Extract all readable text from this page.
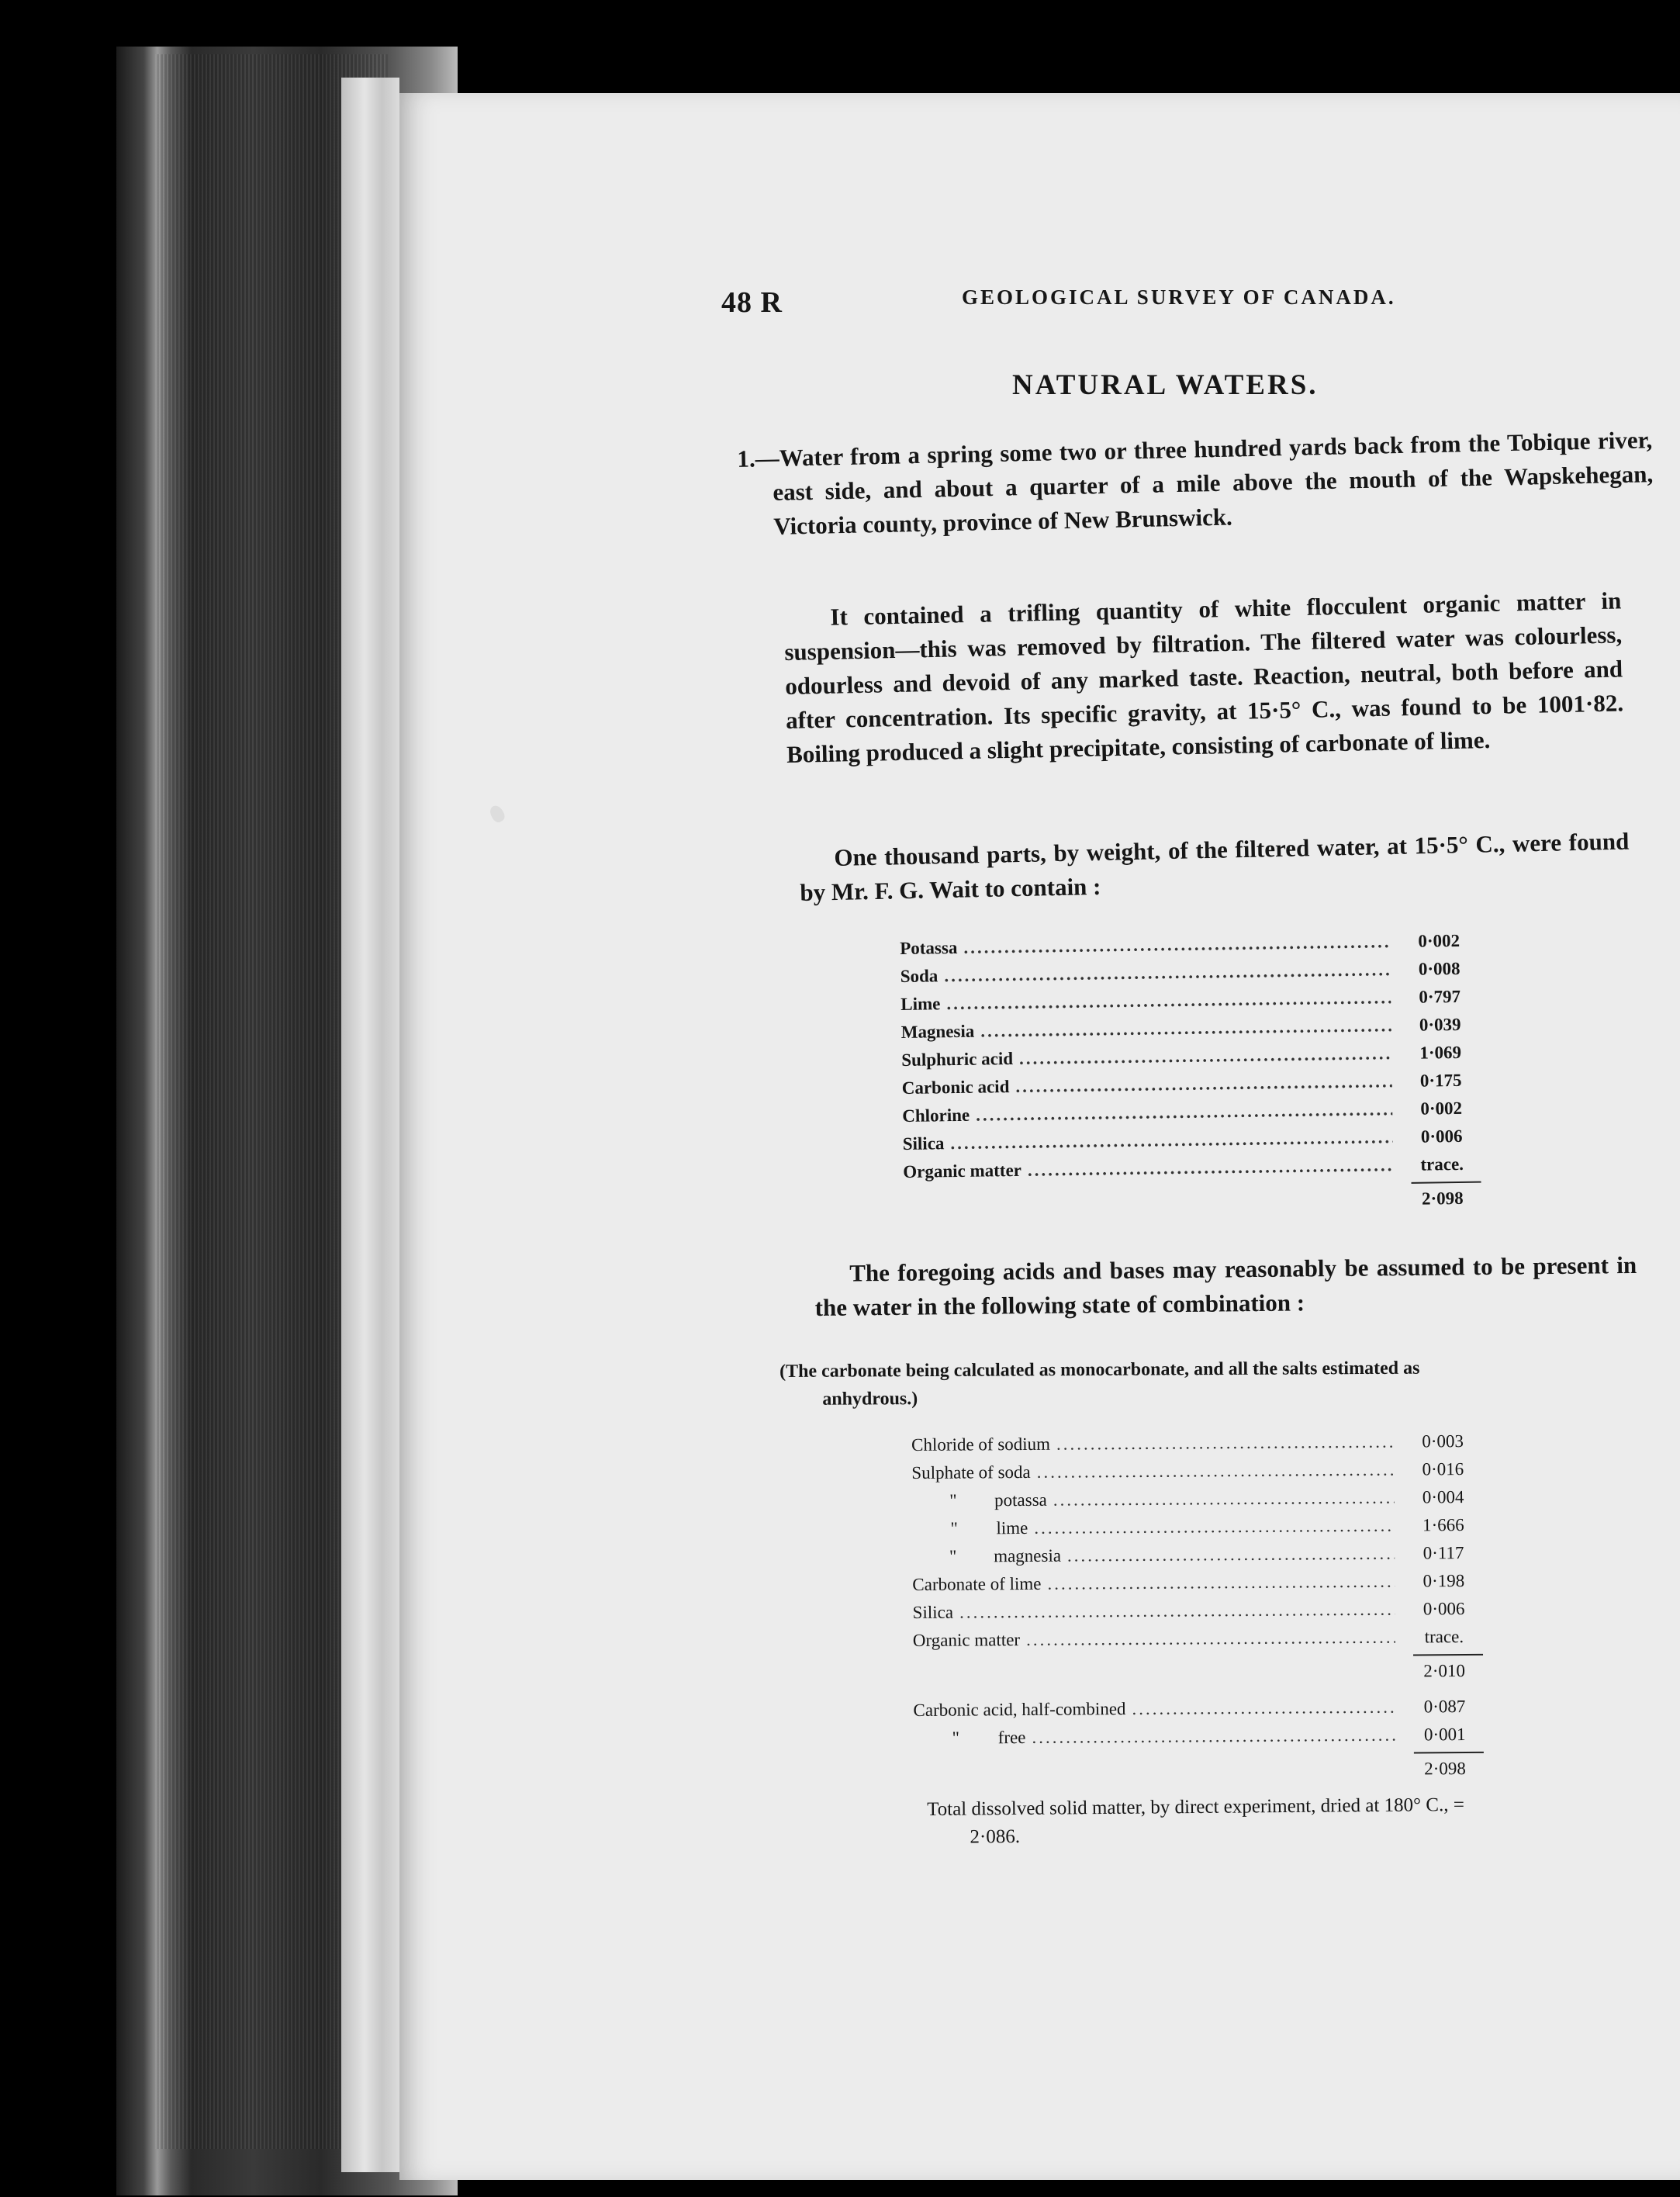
48 R	GEOLOGICAL SURVEY OF CANADA.
NATURAL WATERS.
1.—Water from a spring some two or three hundred yards back from the Tobique river, east side, and about a quarter of a mile above the mouth of the Wapskehegan, Victoria county, province of New Brunswick.
It contained a trifling quantity of white flocculent organic matter in suspension—this was removed by filtration. The filtered water was colourless, odourless and devoid of any marked taste. Reaction, neutral, both before and after concentration. Its specific gravity, at 15·5° C., was found to be 1001·82. Boiling produced a slight precipitate, consisting of carbonate of lime.
One thousand parts, by weight, of the filtered water, at 15·5° C., were found by Mr. F. G. Wait to contain :
Potassa .....	0·002
Soda .....	0·008
Lime .....	0·797
Magnesia .....	0·039
Sulphuric acid .....	1·069
Carbonic acid .....	0·175
Chlorine .....	0·002
Silica .....	0·006
Organic matter .....	trace.
2·098
The foregoing acids and bases may reasonably be assumed to be present in the water in the following state of combination :
(The carbonate being calculated as monocarbonate, and all the salts estimated as
anhydrous.)
Chloride of sodium .....	0·003
Sulphate of soda .....	0·016
"	potassa .....	0·004
"	lime .....	1·666
"	magnesia .....	0·117
Carbonate of lime .....	0·198
Silica .....	0·006
Organic matter .....	trace.
2·010
Carbonic acid, half-combined .....	0·087
"	free .....	0·001
2·098
Total dissolved solid matter, by direct experiment, dried at 180° C., = 2·086.
